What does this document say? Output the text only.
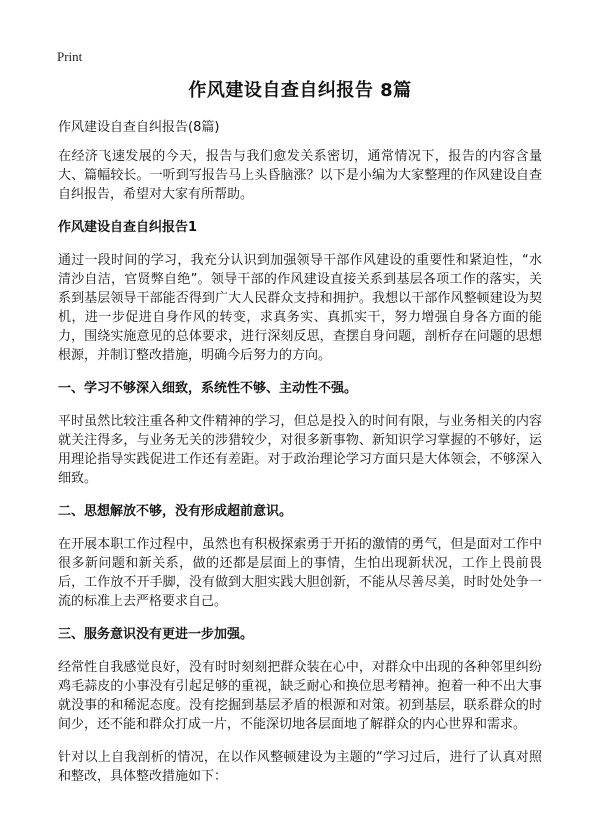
Print
作风建设自查自纠报告 8篇

作风建设自查自纠报告(8篇)

在经济飞速发展的今天，报告与我们愈发关系密切，通常情况下，报告的内容含量大、篇幅较长。一听到写报告马上头昏脑涨？以下是小编为大家整理的作风建设自查自纠报告，希望对大家有所帮助。

作风建设自查自纠报告1

通过一段时间的学习，我充分认识到加强领导干部作风建设的重要性和紧迫性，“水清沙自洁，官贤弊自绝”。领导干部的作风建设直接关系到基层各项工作的落实，关系到基层领导干部能否得到广大人民群众支持和拥护。我想以干部作风整顿建设为契机，进一步促进自身作风的转变，求真务实、真抓实干，努力增强自身各方面的能力，围绕实施意见的总体要求，进行深刻反思，查摆自身问题，剖析存在问题的思想根源，并制订整改措施，明确今后努力的方向。

一、学习不够深入细致，系统性不够、主动性不强。

平时虽然比较注重各种文件精神的学习，但总是投入的时间有限，与业务相关的内容就关注得多，与业务无关的涉猎较少，对很多新事物、新知识学习掌握的不够好，运用理论指导实践促进工作还有差距。对于政治理论学习方面只是大体领会，不够深入细致。

二、思想解放不够，没有形成超前意识。

在开展本职工作过程中，虽然也有积极探索勇于开拓的激情的勇气，但是面对工作中很多新问题和新关系，做的还都是层面上的事情，生怕出现新状况，工作上畏前畏后，工作放不开手脚，没有做到大胆实践大胆创新，不能从尽善尽美，时时处处争一流的标准上去严格要求自己。

三、服务意识没有更进一步加强。

经常性自我感觉良好，没有时时刻刻把群众装在心中，对群众中出现的各种邻里纠纷鸡毛蒜皮的小事没有引起足够的重视，缺乏耐心和换位思考精神。抱着一种不出大事就没事的和稀泥态度。没有挖掘到基层矛盾的根源和对策。初到基层，联系群众的时间少，还不能和群众打成一片，不能深切地各层面地了解群众的内心世界和需求。

针对以上自我剖析的情况，在以作风整顿建设为主题的“学习过后，进行了认真对照和整改，具体整改措施如下：
